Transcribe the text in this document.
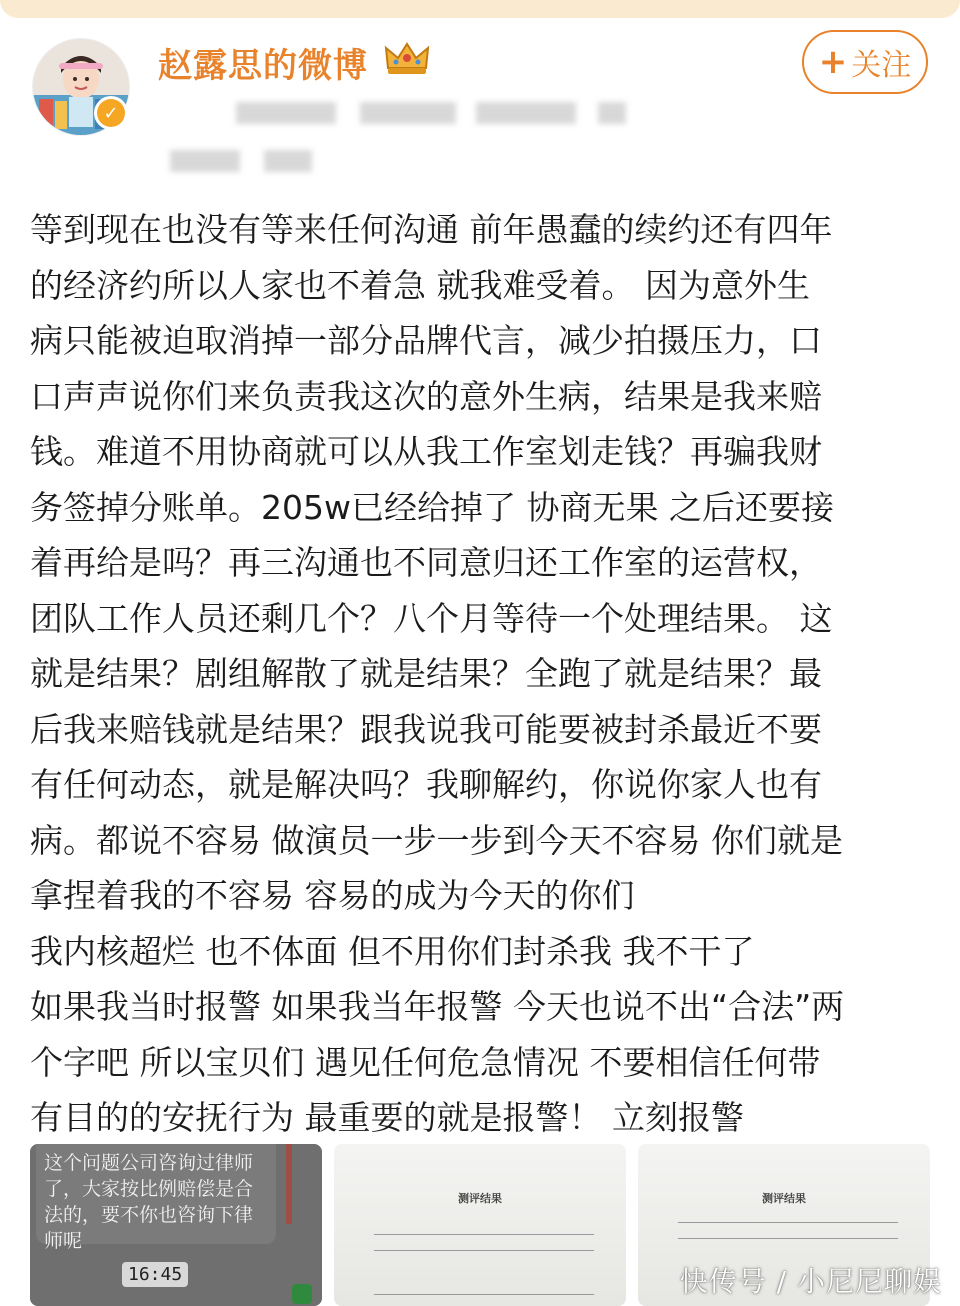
✓
赵露思的微博	+ 关注
等到现在也没有等来任何沟通 前年愚蠢的续约还有四年
的经济约所以人家也不着急 就我难受着。 因为意外生
病只能被迫取消掉一部分品牌代言，减少拍摄压力，口
口声声说你们来负责我这次的意外生病，结果是我来赔
钱。难道不用协商就可以从我工作室划走钱？再骗我财
务签掉分账单。205w已经给掉了 协商无果 之后还要接
着再给是吗？再三沟通也不同意归还工作室的运营权，
团队工作人员还剩几个？八个月等待一个处理结果。 这
就是结果？剧组解散了就是结果？全跑了就是结果？最
后我来赔钱就是结果？跟我说我可能要被封杀最近不要
有任何动态，就是解决吗？我聊解约，你说你家人也有
病。都说不容易 做演员一步一步到今天不容易 你们就是
拿捏着我的不容易 容易的成为今天的你们
我内核超烂 也不体面 但不用你们封杀我 我不干了
如果我当时报警 如果我当年报警 今天也说不出“合法”两
个字吧 所以宝贝们 遇见任何危急情况 不要相信任何带
有目的的安抚行为 最重要的就是报警！ 立刻报警
这个问题公司咨询过律师了，大家按比例赔偿是合法的，要不你也咨询下律师呢
16:45
测评结果	测评结果
快传号 / 小尼尼聊娱
